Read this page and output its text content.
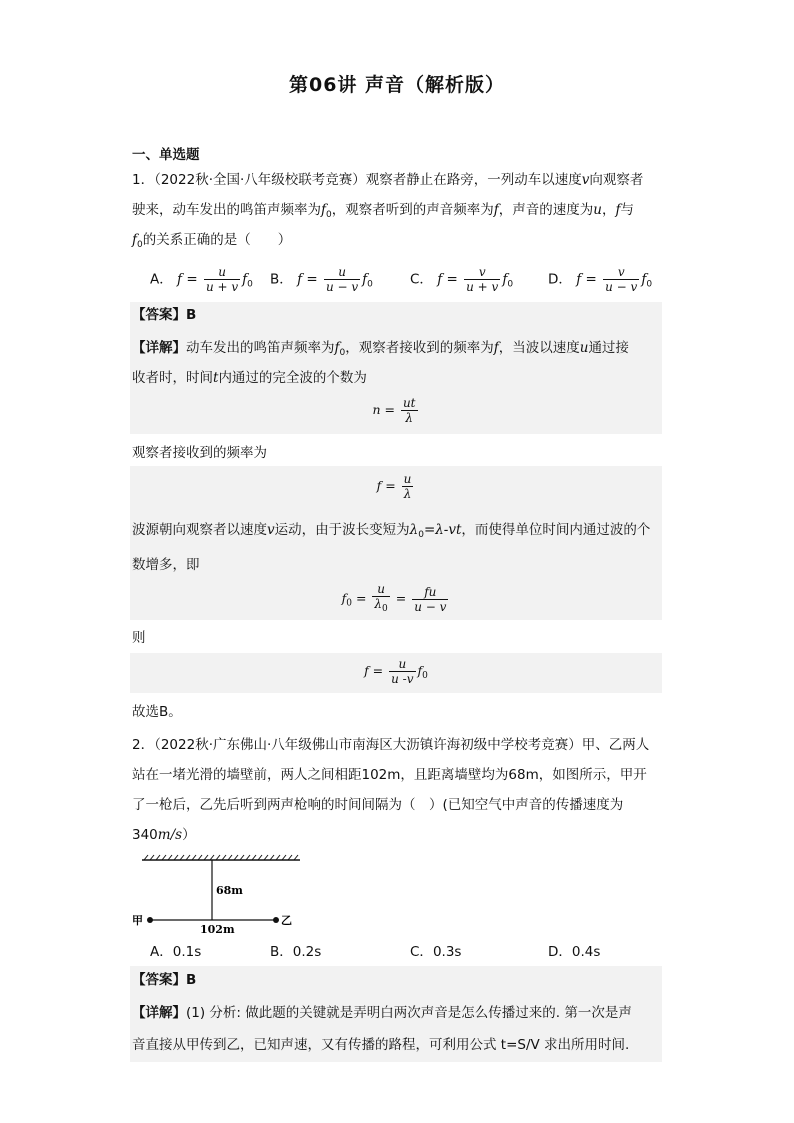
第06讲 声音（解析版）
一、单选题
1．（2022秋·全国·八年级校联考竞赛）观察者静止在路旁，一列动车以速度v向观察者
驶来，动车发出的鸣笛声频率为$f_0$，观察者听到的声音频率为f，声音的速度为u，f与
$f_0$的关系正确的是（　　）
A． $f = \frac{u}{u + v} f_0$ B． $f = \frac{u}{u - v} f_0$	C． $f = \frac{v}{u + v} f_0$	D． $f = \frac{v}{u - v} f_0$
【答案】B
【详解】动车发出的鸣笛声频率为$f_0$，观察者接收到的频率为f，当波以速度u通过接
收者时，时间t内通过的完全波的个数为
$n = \frac{ut}{\lambda}$
观察者接收到的频率为
$f = \frac{u}{\lambda}$
波源朝向观察者以速度v运动，由于波长变短为$\lambda_0=\lambda-vt$，而使得单位时间内通过波的个
数增多，即
$f_0 = \frac{u}{\lambda_0} = \frac{fu}{u - v}$
则
$f = \frac{u}{u -v} f_0$
故选B。
2．（2022秋·广东佛山·八年级佛山市南海区大沥镇许海初级中学校考竞赛）甲、乙两人
站在一堵光滑的墙壁前，两人之间相距102m，且距离墙壁均为68m，如图所示，甲开
了一枪后，乙先后听到两声枪响的时间间隔为（　）(已知空气中声音的传播速度为
340m/s）
68m
102m
甲	乙
A．0.1s	B．0.2s	C．0.3s	D．0.4s
【答案】B
【详解】(1) 分析: 做此题的关键就是弄明白两次声音是怎么传播过来的. 第一次是声
音直接从甲传到乙，已知声速，又有传播的路程，可利用公式 t=S/V 求出所用时间.
